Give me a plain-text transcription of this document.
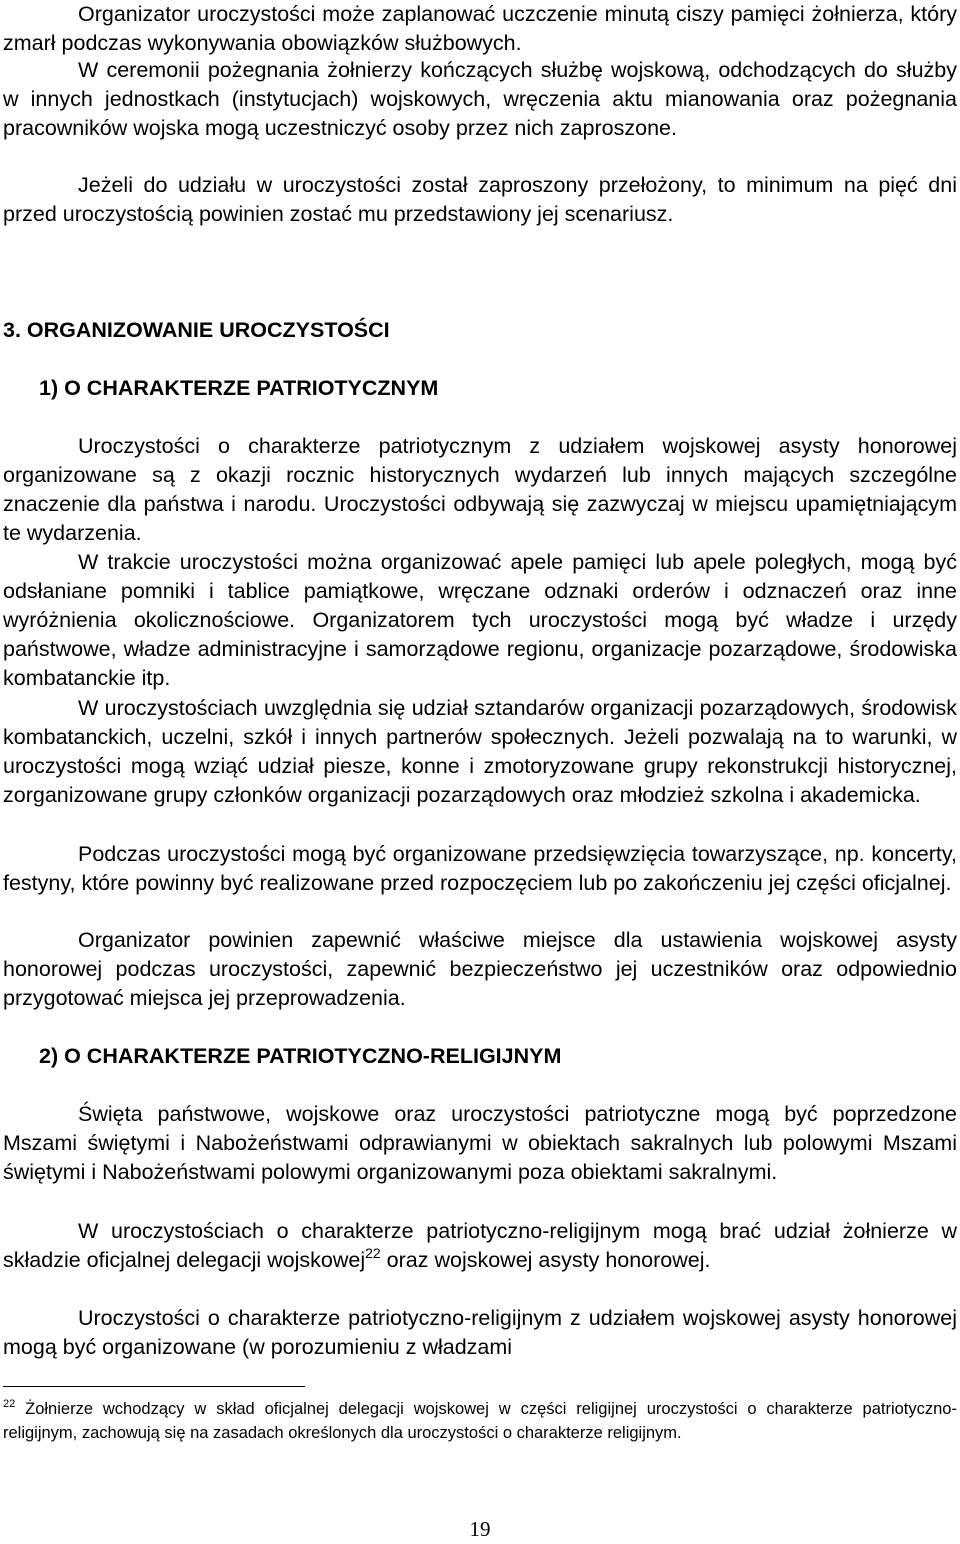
Organizator uroczystości może zaplanować uczczenie minutą ciszy pamięci żołnierza, który zmarł podczas wykonywania obowiązków służbowych.

W ceremonii pożegnania żołnierzy kończących służbę wojskową, odchodzących do służby w innych jednostkach (instytucjach) wojskowych, wręczenia aktu mianowania oraz pożegnania pracowników wojska mogą uczestniczyć osoby przez nich zaproszone.

Jeżeli do udziału w uroczystości został zaproszony przełożony, to minimum na pięć dni przed uroczystością powinien zostać mu przedstawiony jej scenariusz.

3. ORGANIZOWANIE UROCZYSTOŚCI
1) O CHARAKTERZE PATRIOTYCZNYM

Uroczystości o charakterze patriotycznym z udziałem wojskowej asysty honorowej organizowane są z okazji rocznic historycznych wydarzeń lub innych mających szczególne znaczenie dla państwa i narodu. Uroczystości odbywają się zazwyczaj w miejscu upamiętniającym te wydarzenia.

W trakcie uroczystości można organizować apele pamięci lub apele poległych, mogą być odsłaniane pomniki i tablice pamiątkowe, wręczane odznaki orderów i odznaczeń oraz inne wyróżnienia okolicznościowe. Organizatorem tych uroczystości mogą być władze i urzędy państwowe, władze administracyjne i samorządowe regionu, organizacje pozarządowe, środowiska kombatanckie itp.

W uroczystościach uwzględnia się udział sztandarów organizacji pozarządowych, środowisk kombatanckich, uczelni, szkół i innych partnerów społecznych. Jeżeli pozwalają na to warunki, w uroczystości mogą wziąć udział piesze, konne i zmotoryzowane grupy rekonstrukcji historycznej, zorganizowane grupy członków organizacji pozarządowych oraz młodzież szkolna i akademicka.

Podczas uroczystości mogą być organizowane przedsięwzięcia towarzyszące, np. koncerty, festyny, które powinny być realizowane przed rozpoczęciem lub po zakończeniu jej części oficjalnej.

Organizator powinien zapewnić właściwe miejsce dla ustawienia wojskowej asysty honorowej podczas uroczystości, zapewnić bezpieczeństwo jej uczestników oraz odpowiednio przygotować miejsca jej przeprowadzenia.

2) O CHARAKTERZE PATRIOTYCZNO-RELIGIJNYM

Święta państwowe, wojskowe oraz uroczystości patriotyczne mogą być poprzedzone Mszami świętymi i Nabożeństwami odprawianymi w obiektach sakralnych lub polowymi Mszami świętymi i Nabożeństwami polowymi organizowanymi poza obiektami sakralnymi.

W uroczystościach o charakterze patriotyczno-religijnym mogą brać udział żołnierze w składzie oficjalnej delegacji wojskowej$^{22}$ oraz wojskowej asysty honorowej.

Uroczystości o charakterze patriotyczno-religijnym z udziałem wojskowej asysty honorowej mogą być organizowane (w porozumieniu z władzami

$^{22}$ Żołnierze wchodzący w skład oficjalnej delegacji wojskowej w części religijnej uroczystości o charakterze patriotyczno-religijnym, zachowują się na zasadach określonych dla uroczystości o charakterze religijnym.

19
